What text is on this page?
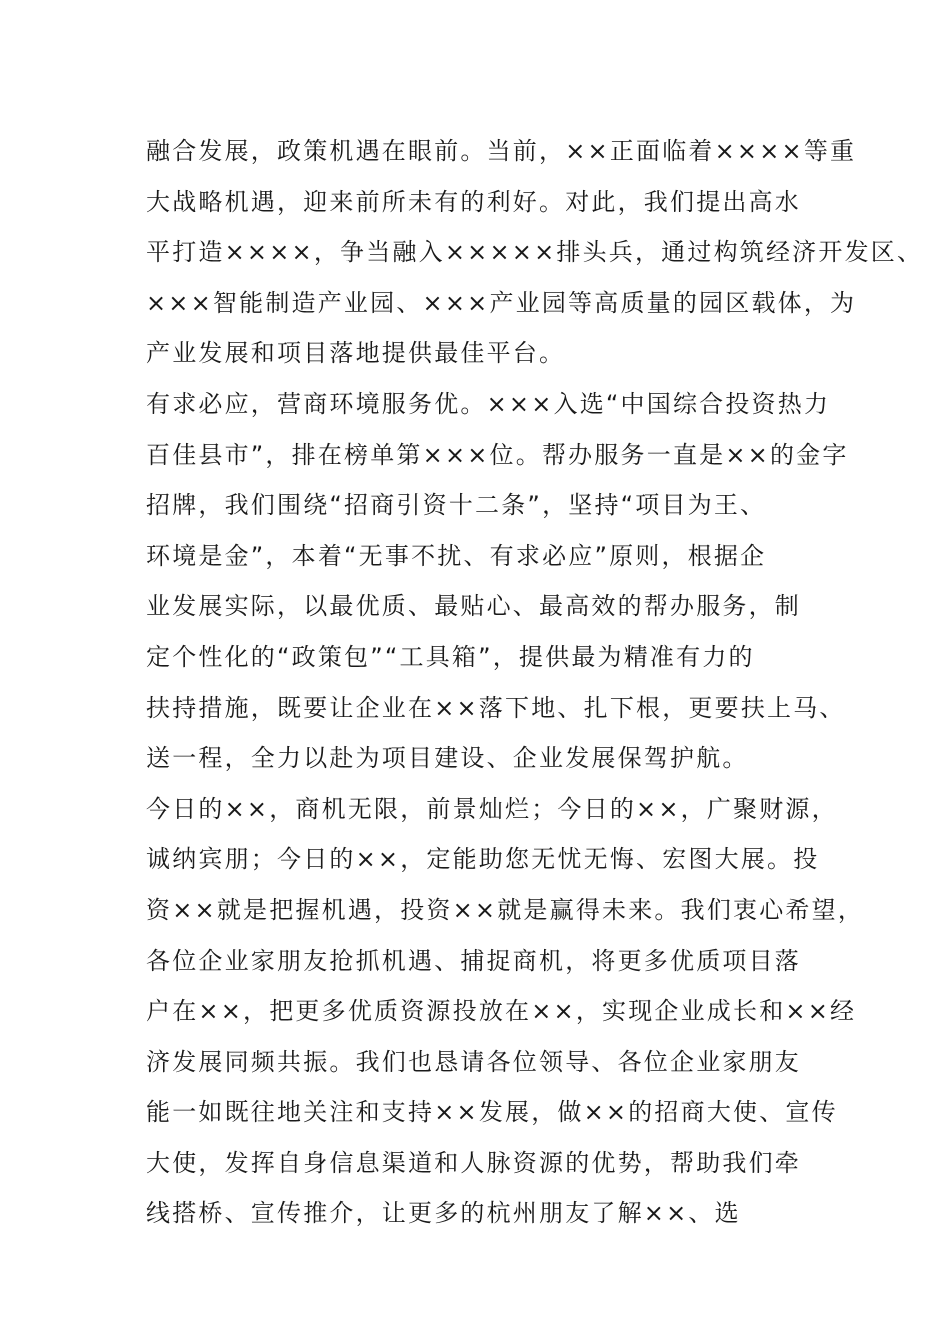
融合发展，政策机遇在眼前。当前，××正面临着××××等重
大战略机遇，迎来前所未有的利好。对此，我们提出高水
平打造××××，争当融入×××××排头兵，通过构筑经济开发区、
×××智能制造产业园、×××产业园等高质量的园区载体，为
产业发展和项目落地提供最佳平台。
有求必应，营商环境服务优。×××入选“中国综合投资热力
百佳县市”，排在榜单第×××位。帮办服务一直是××的金字
招牌，我们围绕“招商引资十二条”，坚持“项目为王、
环境是金”，本着“无事不扰、有求必应”原则，根据企
业发展实际，以最优质、最贴心、最高效的帮办服务，制
定个性化的“政策包”“工具箱”，提供最为精准有力的
扶持措施，既要让企业在××落下地、扎下根，更要扶上马、
送一程，全力以赴为项目建设、企业发展保驾护航。
今日的××，商机无限，前景灿烂；今日的××，广聚财源，
诚纳宾朋；今日的××，定能助您无忧无悔、宏图大展。投
资××就是把握机遇，投资××就是赢得未来。我们衷心希望，
各位企业家朋友抢抓机遇、捕捉商机，将更多优质项目落
户在××，把更多优质资源投放在××，实现企业成长和××经
济发展同频共振。我们也恳请各位领导、各位企业家朋友
能一如既往地关注和支持××发展，做××的招商大使、宣传
大使，发挥自身信息渠道和人脉资源的优势，帮助我们牵
线搭桥、宣传推介，让更多的杭州朋友了解××、选
